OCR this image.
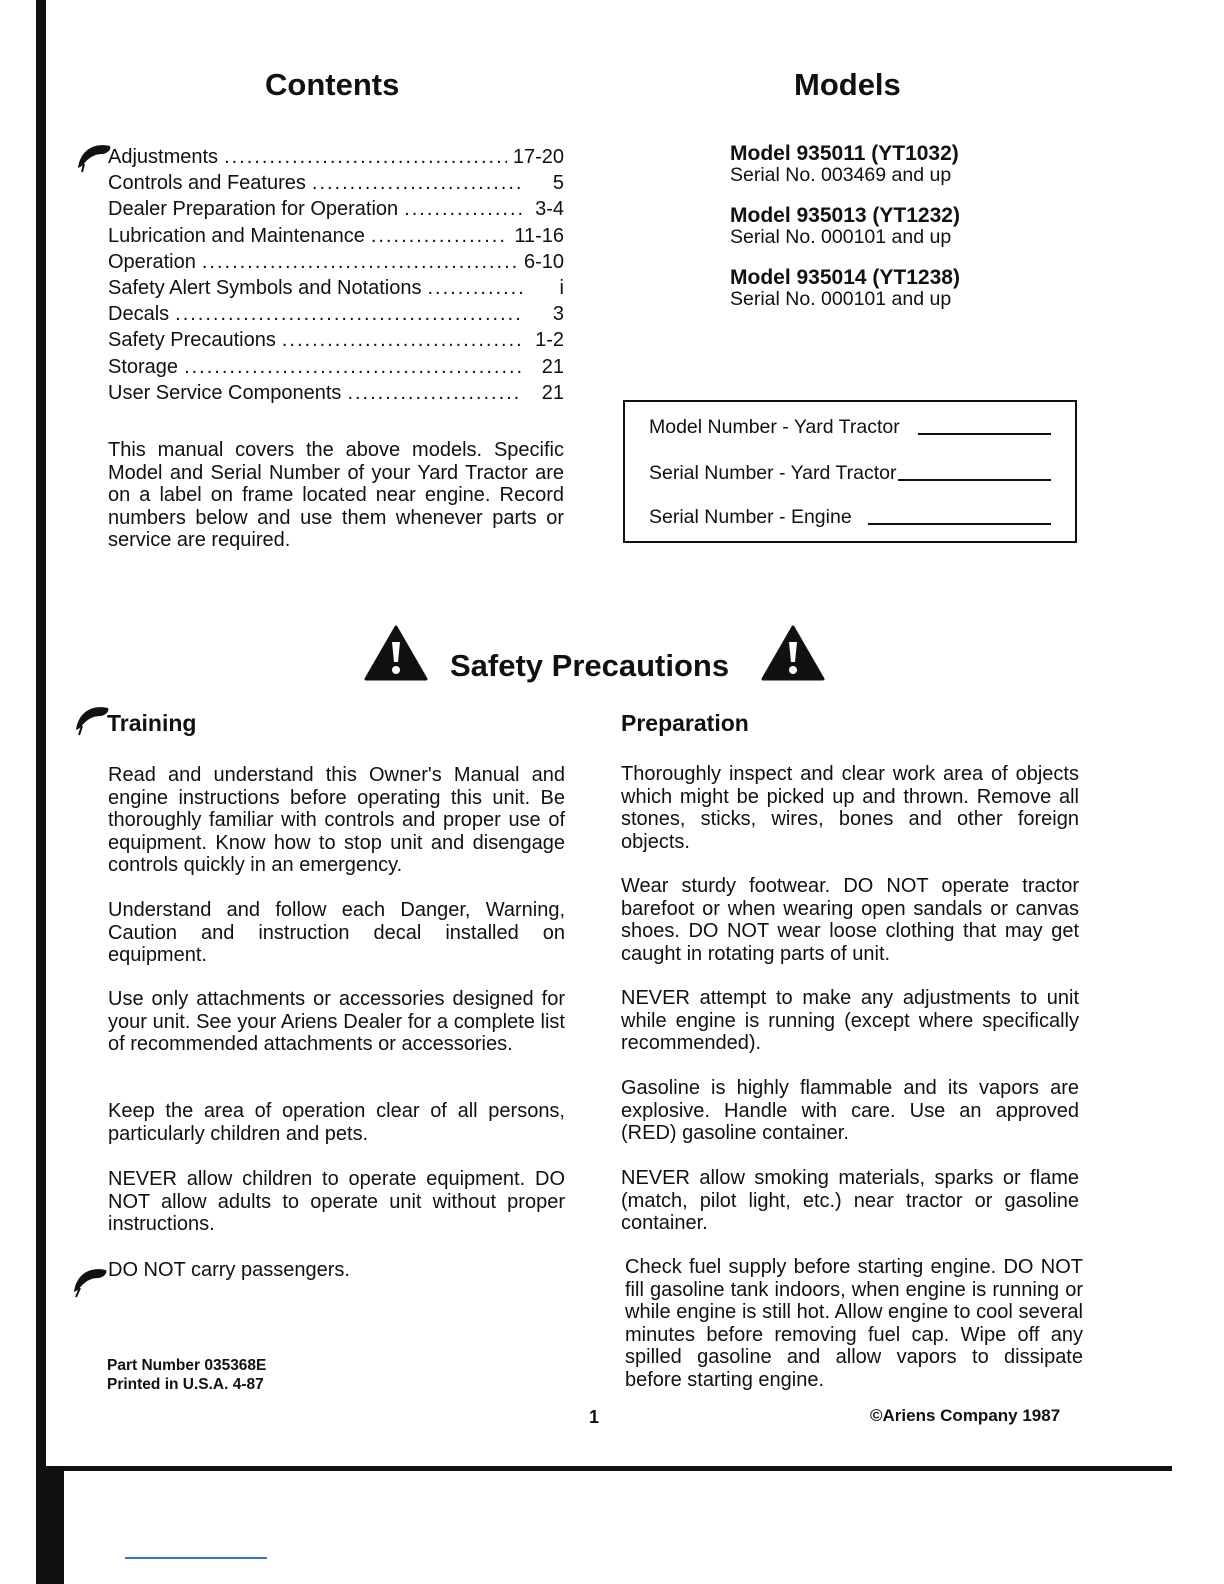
Contents
Adjustments .....	17-20
Controls and Features .....	5
Dealer Preparation for Operation .....	3-4
Lubrication and Maintenance .....	11-16
Operation .....	6-10
Safety Alert Symbols and Notations .....	i
Decals .....	3
Safety Precautions .....	1-2
Storage .....	21
User Service Components .....	21
This manual covers the above models. Specific Model and Serial Number of your Yard Tractor are on a label on frame located near engine. Record numbers below and use them whenever parts or service are required.
Models
Model 935011 (YT1032)
Serial No. 003469 and up
Model 935013 (YT1232)
Serial No. 000101 and up
Model 935014 (YT1238)
Serial No. 000101 and up
Model Number - Yard Tractor
Serial Number - Yard Tractor
Serial Number - Engine
Safety Precautions
Training
Read and understand this Owner's Manual and engine instructions before operating this unit. Be thoroughly familiar with controls and proper use of equipment. Know how to stop unit and disengage controls quickly in an emergency.
Understand and follow each Danger, Warning, Caution and instruction decal installed on equipment.
Use only attachments or accessories designed for your unit. See your Ariens Dealer for a complete list of recommended attachments or accessories.
Keep the area of operation clear of all persons, particularly children and pets.
NEVER allow children to operate equipment. DO NOT allow adults to operate unit without proper instructions.
DO NOT carry passengers.
Preparation
Thoroughly inspect and clear work area of objects which might be picked up and thrown. Remove all stones, sticks, wires, bones and other foreign objects.
Wear sturdy footwear. DO NOT operate tractor barefoot or when wearing open sandals or canvas shoes. DO NOT wear loose clothing that may get caught in rotating parts of unit.
NEVER attempt to make any adjustments to unit while engine is running (except where specifically recommended).
Gasoline is highly flammable and its vapors are explosive. Handle with care. Use an approved (RED) gasoline container.
NEVER allow smoking materials, sparks or flame (match, pilot light, etc.) near tractor or gasoline container.
Check fuel supply before starting engine. DO NOT fill gasoline tank indoors, when engine is running or while engine is still hot. Allow engine to cool several minutes before removing fuel cap. Wipe off any spilled gasoline and allow vapors to dissipate before starting engine.
Part Number 035368E
Printed in U.S.A. 4-87
1	©Ariens Company 1987
